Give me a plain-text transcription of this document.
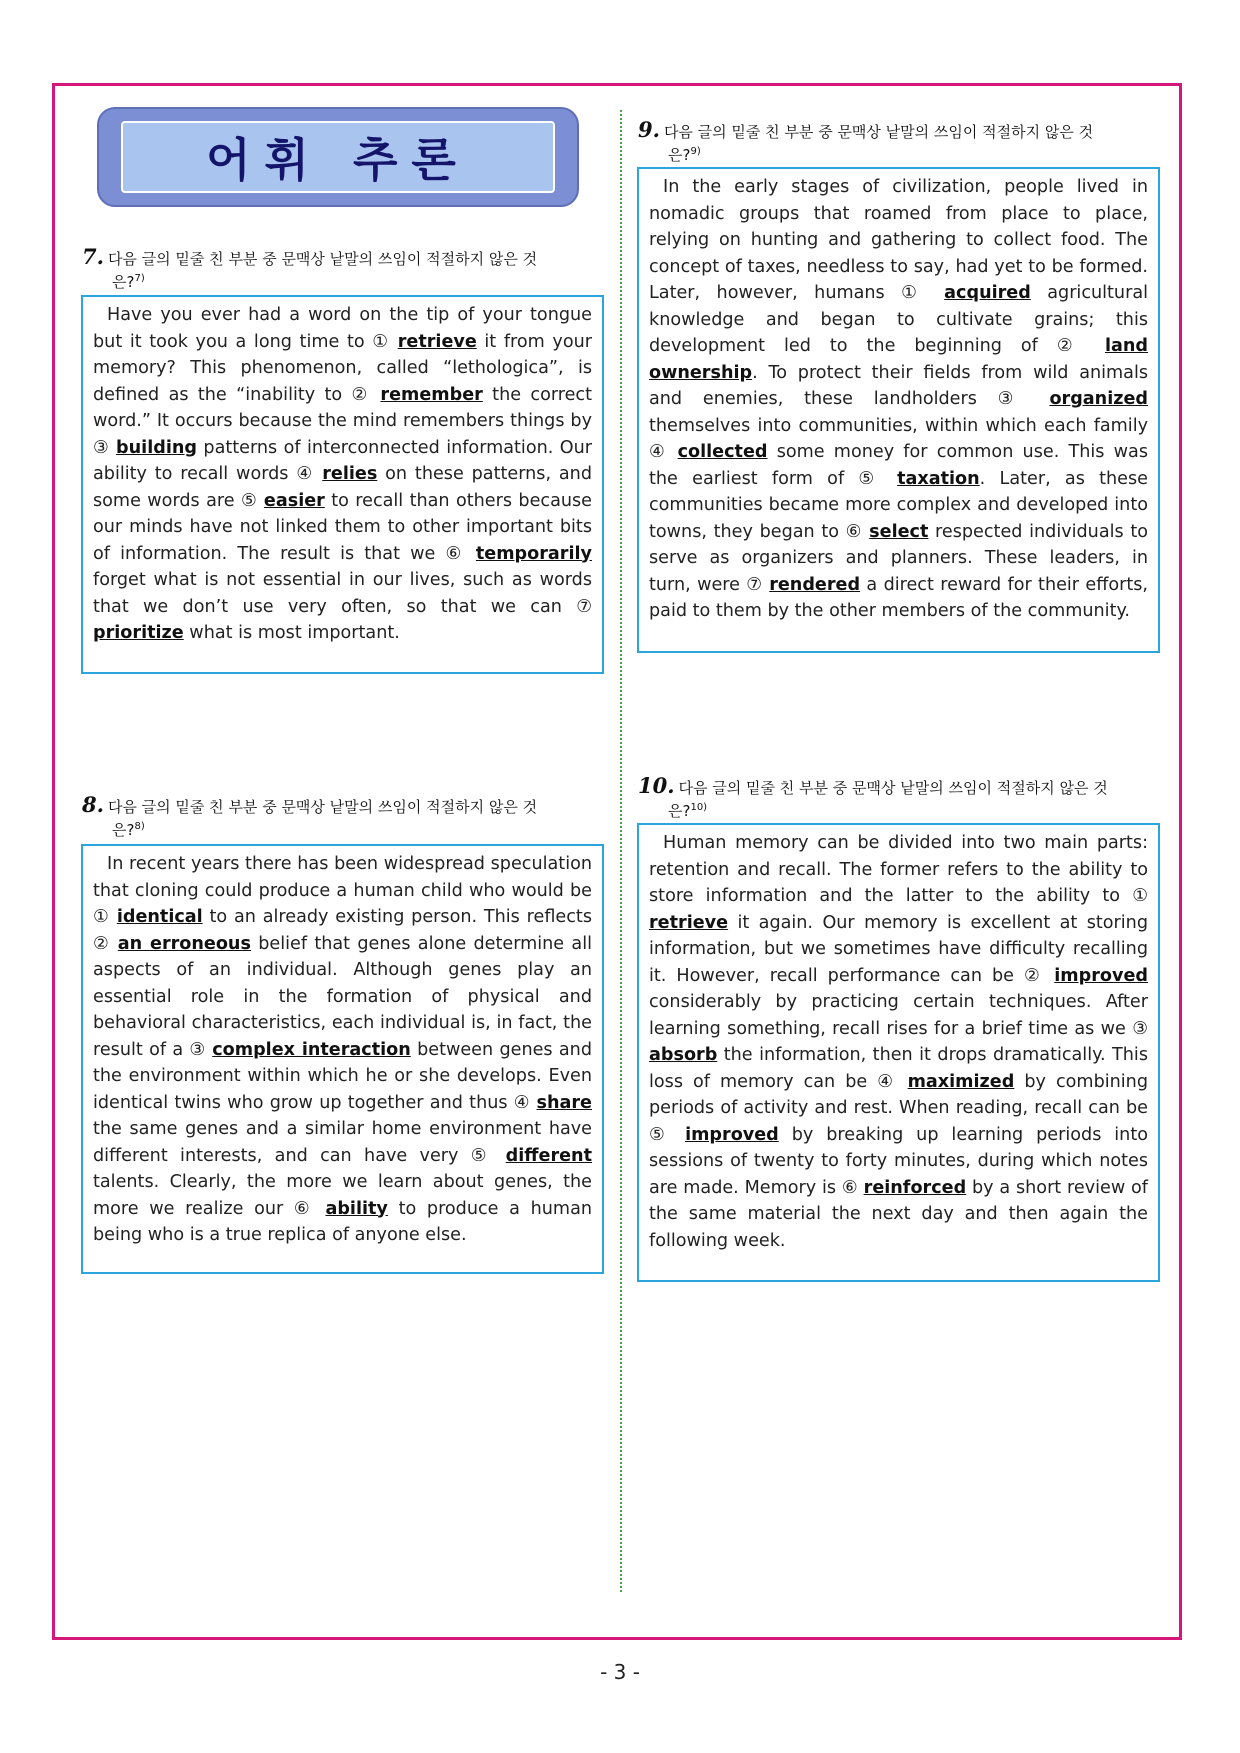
어휘 추론
7. 다음 글의 밑줄 친 부분 중 문맥상 낱말의 쓰임이 적절하지 않은 것
은?$^{7)}$

Have you ever had a word on the tip of your tongue but it took you a long time to ① retrieve it from your memory? This phenomenon, called “lethologica”, is defined as the “inability to ② remember the correct word.” It occurs because the mind remembers things by ③ building patterns of interconnected information. Our ability to recall words ④ relies on these patterns, and some words are ⑤ easier to recall than others because our minds have not linked them to other important bits of information. The result is that we ⑥ temporarily forget what is not essential in our lives, such as words that we don’t use very often, so that we can ⑦ prioritize what is most important.

8. 다음 글의 밑줄 친 부분 중 문맥상 낱말의 쓰임이 적절하지 않은 것
은?$^{8)}$

In recent years there has been widespread speculation that cloning could produce a human child who would be ① identical to an already existing person. This reflects ② an erroneous belief that genes alone determine all aspects of an individual. Although genes play an essential role in the formation of physical and behavioral characteristics, each individual is, in fact, the result of a ③ complex interaction between genes and the environment within which he or she develops. Even identical twins who grow up together and thus ④ share the same genes and a similar home environment have different interests, and can have very ⑤ different talents. Clearly, the more we learn about genes, the more we realize our ⑥ ability to produce a human being who is a true replica of anyone else.

9. 다음 글의 밑줄 친 부분 중 문맥상 낱말의 쓰임이 적절하지 않은 것
은?$^{9)}$

In the early stages of civilization, people lived in nomadic groups that roamed from place to place, relying on hunting and gathering to collect food. The concept of taxes, needless to say, had yet to be formed. Later, however, humans ① acquired agricultural knowledge and began to cultivate grains; this development led to the beginning of ② land ownership. To protect their fields from wild animals and enemies, these landholders ③ organized themselves into communities, within which each family ④ collected some money for common use. This was the earliest form of ⑤ taxation. Later, as these communities became more complex and developed into towns, they began to ⑥ select respected individuals to serve as organizers and planners. These leaders, in turn, were ⑦ rendered a direct reward for their efforts, paid to them by the other members of the community.

10. 다음 글의 밑줄 친 부분 중 문맥상 낱말의 쓰임이 적절하지 않은 것
은?$^{10)}$

Human memory can be divided into two main parts: retention and recall. The former refers to the ability to store information and the latter to the ability to ① retrieve it again. Our memory is excellent at storing information, but we sometimes have difficulty recalling it. However, recall performance can be ② improved considerably by practicing certain techniques. After learning something, recall rises for a brief time as we ③ absorb the information, then it drops dramatically. This loss of memory can be ④ maximized by combining periods of activity and rest. When reading, recall can be ⑤ improved by breaking up learning periods into sessions of twenty to forty minutes, during which notes are made. Memory is ⑥ reinforced by a short review of the same material the next day and then again the following week.

- 3 -
